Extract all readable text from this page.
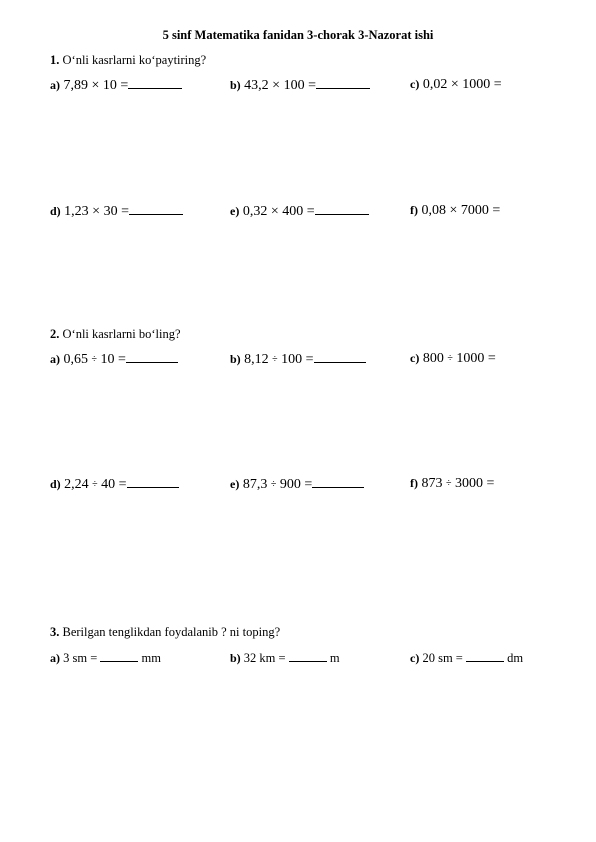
5 sinf Matematika fanidan 3-chorak 3-Nazorat ishi
1. O‘nli kasrlarni ko‘paytiring?
a) 7,89 × 10 =	b) 43,2 × 100 =	c) 0,02 × 1000 =
d) 1,23 × 30 =	e) 0,32 × 400 =	f) 0,08 × 7000 =
2. O‘nli kasrlarni bo‘ling?
a) 0,65 ÷ 10 =	b) 8,12 ÷ 100 =	c) 800 ÷ 1000 =
d) 2,24 ÷ 40 =	e) 87,3 ÷ 900 =	f) 873 ÷ 3000 =
3. Berilgan tenglikdan foydalanib ? ni toping?
a) 3 sm =	mm	b) 32 km =	m	c) 20 sm =	dm
